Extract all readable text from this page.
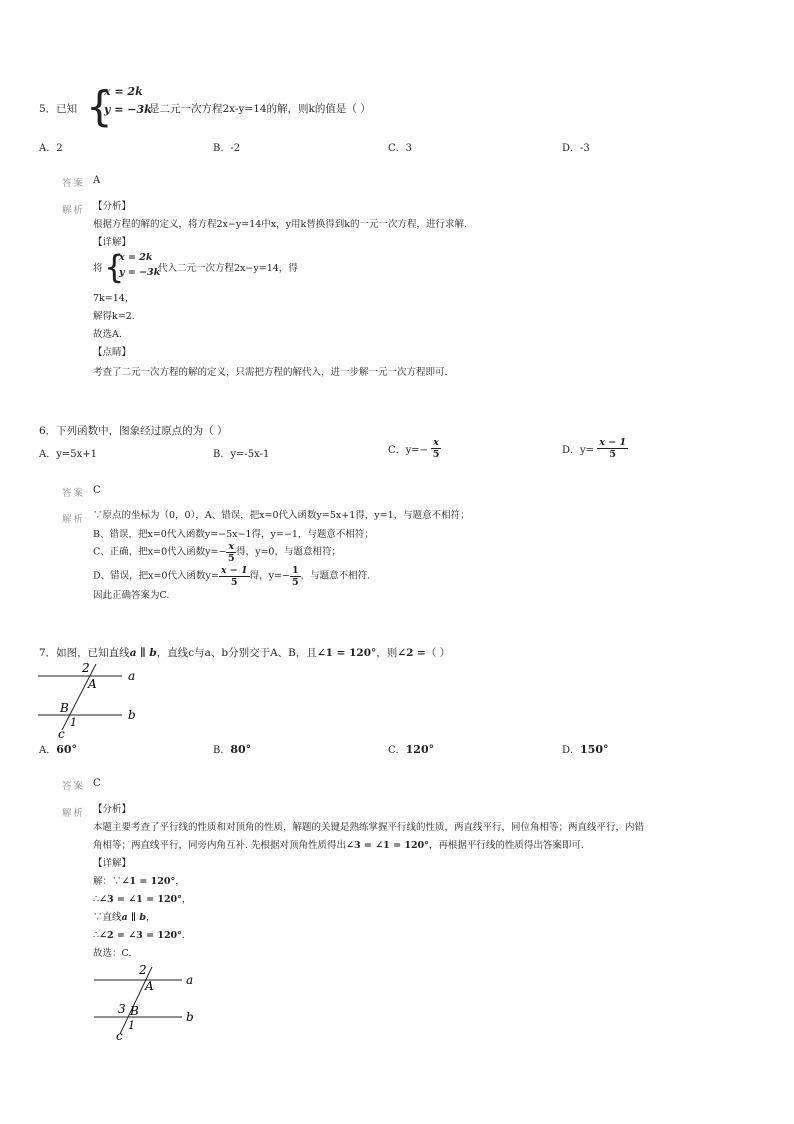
5．已知 {
x = 2k
y = −3k
是二元一次方程2x-y=14的解，则k的值是（ ）
A．2	B．-2	C．3	D．-3
答案 A
解析 【分析】
根据方程的解的定义，将方程2x−y=14中x，y用k替换得到k的一元一次方程，进行求解.
【详解】
将 {
x = 2k
y = −3k
代入二元一次方程2x−y=14，得
7k=14，
解得k=2.
故选A.
【点睛】
考查了二元一次方程的解的定义，只需把方程的解代入，进一步解一元一次方程即可.
6．下列函数中，图象经过原点的为（ ）
A．y=5x+1	B．y=-5x-1	C．$y=- \frac{x}{5}$	D．$y= \frac{x - 1}{5}$
答案 C
解析 ∵原点的坐标为（0，0），A、错误，把x=0代入函数y=5x+1得，y=1，与题意不相符；
B、错误，把x=0代入函数y=−5x−1得，y=−1，与题意不相符；
C、正确，把x=0代入函数$y=- \frac{x}{5}$ 得，y=0，与题意相符；
D、错误，把x=0代入函数$y= \frac{x - 1}{5}$ 得，$y=- \frac{1}{5}$ ，与题意不相符.
因此正确答案为C.
7．如图，已知直线a ∥ b，直线c与a、b分别交于A、B，且∠1 = 120°，则∠2 =（ ）
2
A
a
B
1
b
c
A．60°	B．80°	C．120°	D．150°
答案 C
解析 【分析】
本题主要考查了平行线的性质和对顶角的性质，解题的关键是熟练掌握平行线的性质，两直线平行，同位角相等；两直线平行，内错
角相等；两直线平行，同旁内角互补. 先根据对顶角性质得出∠3 = ∠1 = 120°，再根据平行线的性质得出答案即可.
【详解】
解：∵∠1 = 120°，
∴∠3 = ∠1 = 120°，
∵直线a ∥ b，
∴∠2 = ∠3 = 120°.
故选：C.
2
A	a
3 B
1
b
c
